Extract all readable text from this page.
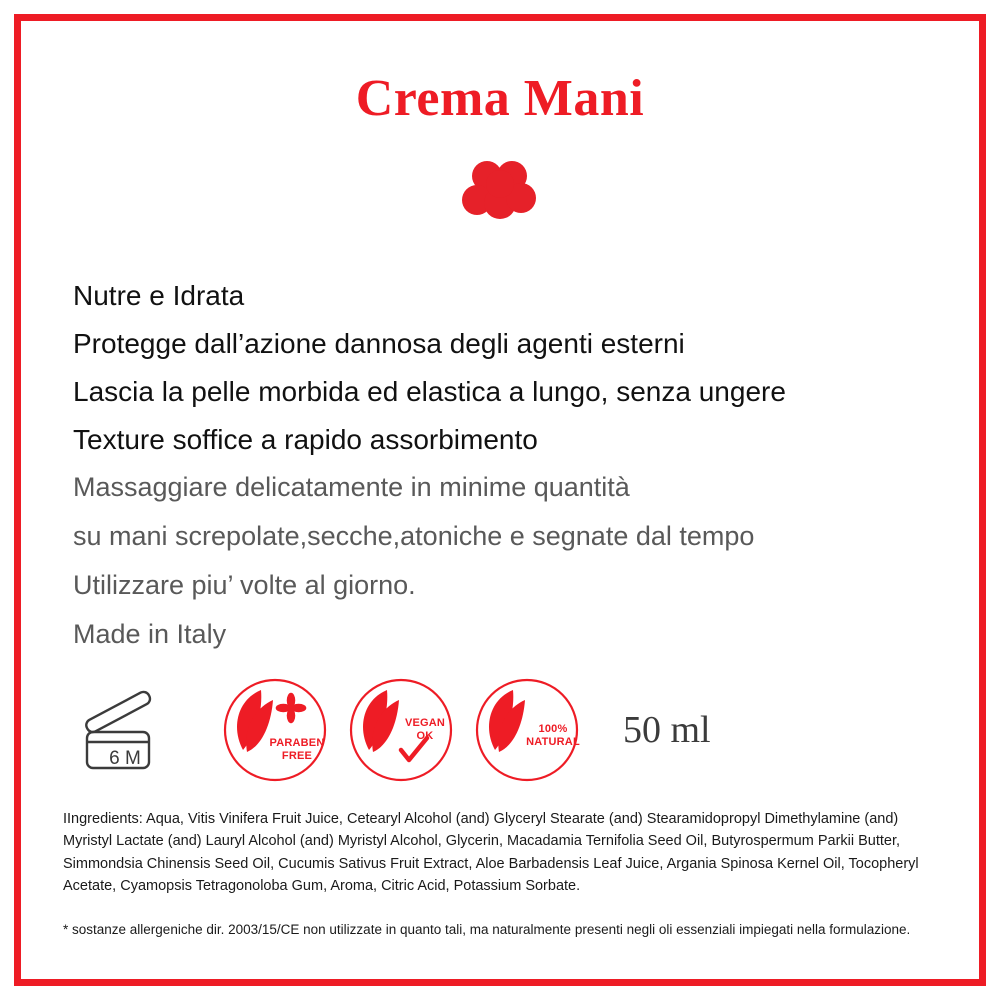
Crema Mani
Nutre e Idrata
Protegge dall’azione dannosa degli agenti esterni
Lascia la pelle morbida ed elastica a lungo, senza ungere
Texture soffice a rapido assorbimento
Massaggiare delicatamente in minime quantità
su mani screpolate,secche,atoniche e segnate dal tempo
Utilizzare piu’ volte al giorno.
Made in Italy
6 M
PARABEN
FREE
VEGAN
OK
100%
NATURAL 50 ml
IIngredients: Aqua, Vitis Vinifera Fruit Juice, Cetearyl Alcohol (and) Glyceryl Stearate (and) Stearamidopropyl Dimethylamine (and) Myristyl Lactate (and) Lauryl Alcohol (and) Myristyl Alcohol, Glycerin, Macadamia Ternifolia Seed Oil, Butyrospermum Parkii Butter, Simmondsia Chinensis Seed Oil, Cucumis Sativus Fruit Extract, Aloe Barbadensis Leaf Juice, Argania Spinosa Kernel Oil, Tocopheryl Acetate, Cyamopsis Tetragonoloba Gum, Aroma, Citric Acid, Potassium Sorbate.
* sostanze allergeniche dir. 2003/15/CE non utilizzate in quanto tali, ma naturalmente presenti negli oli essenziali impiegati nella formulazione.
